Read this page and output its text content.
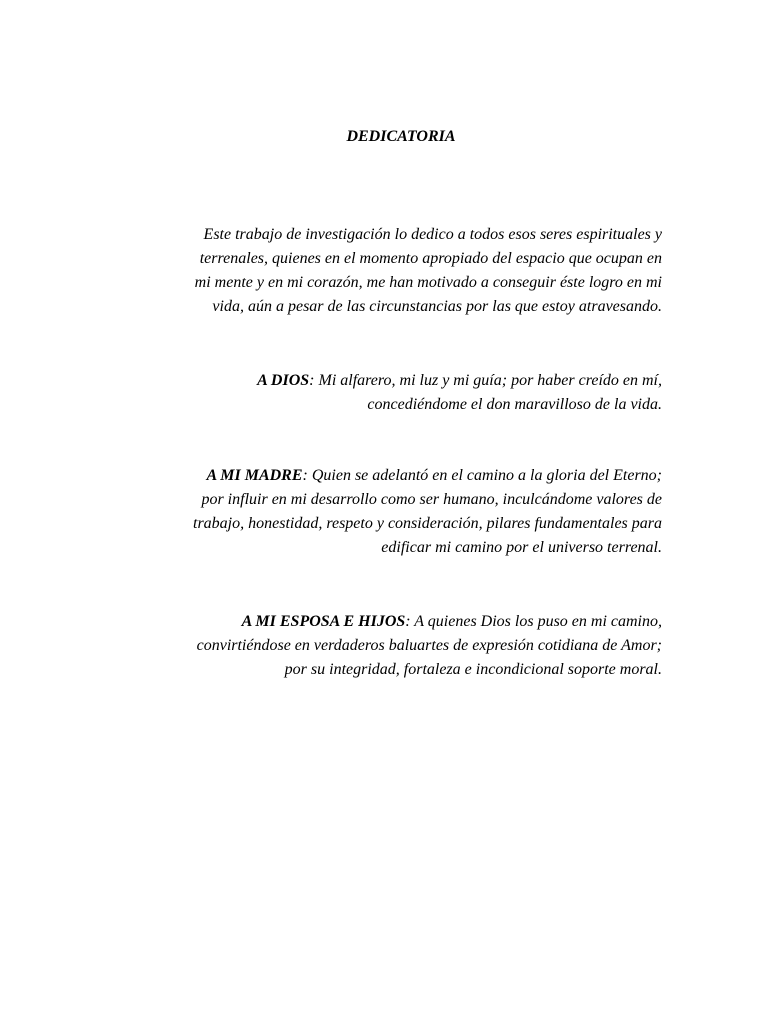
DEDICATORIA
Este trabajo de investigación lo dedico a todos esos seres espirituales y
terrenales, quienes en el momento apropiado del espacio que ocupan en
mi mente y en mi corazón, me han motivado a conseguir éste logro en mi
vida, aún a pesar de las circunstancias por las que estoy atravesando.
A DIOS: Mi alfarero, mi luz y mi guía; por haber creído en mí,
concediéndome el don maravilloso de la vida.
A MI MADRE: Quien se adelantó en el camino a la gloria del Eterno;
por influir en mi desarrollo como ser humano, inculcándome valores de
trabajo, honestidad, respeto y consideración, pilares fundamentales para
edificar mi camino por el universo terrenal.
A MI ESPOSA E HIJOS: A quienes Dios los puso en mi camino,
convirtiéndose en verdaderos baluartes de expresión cotidiana de Amor;
por su integridad, fortaleza e incondicional soporte moral.
